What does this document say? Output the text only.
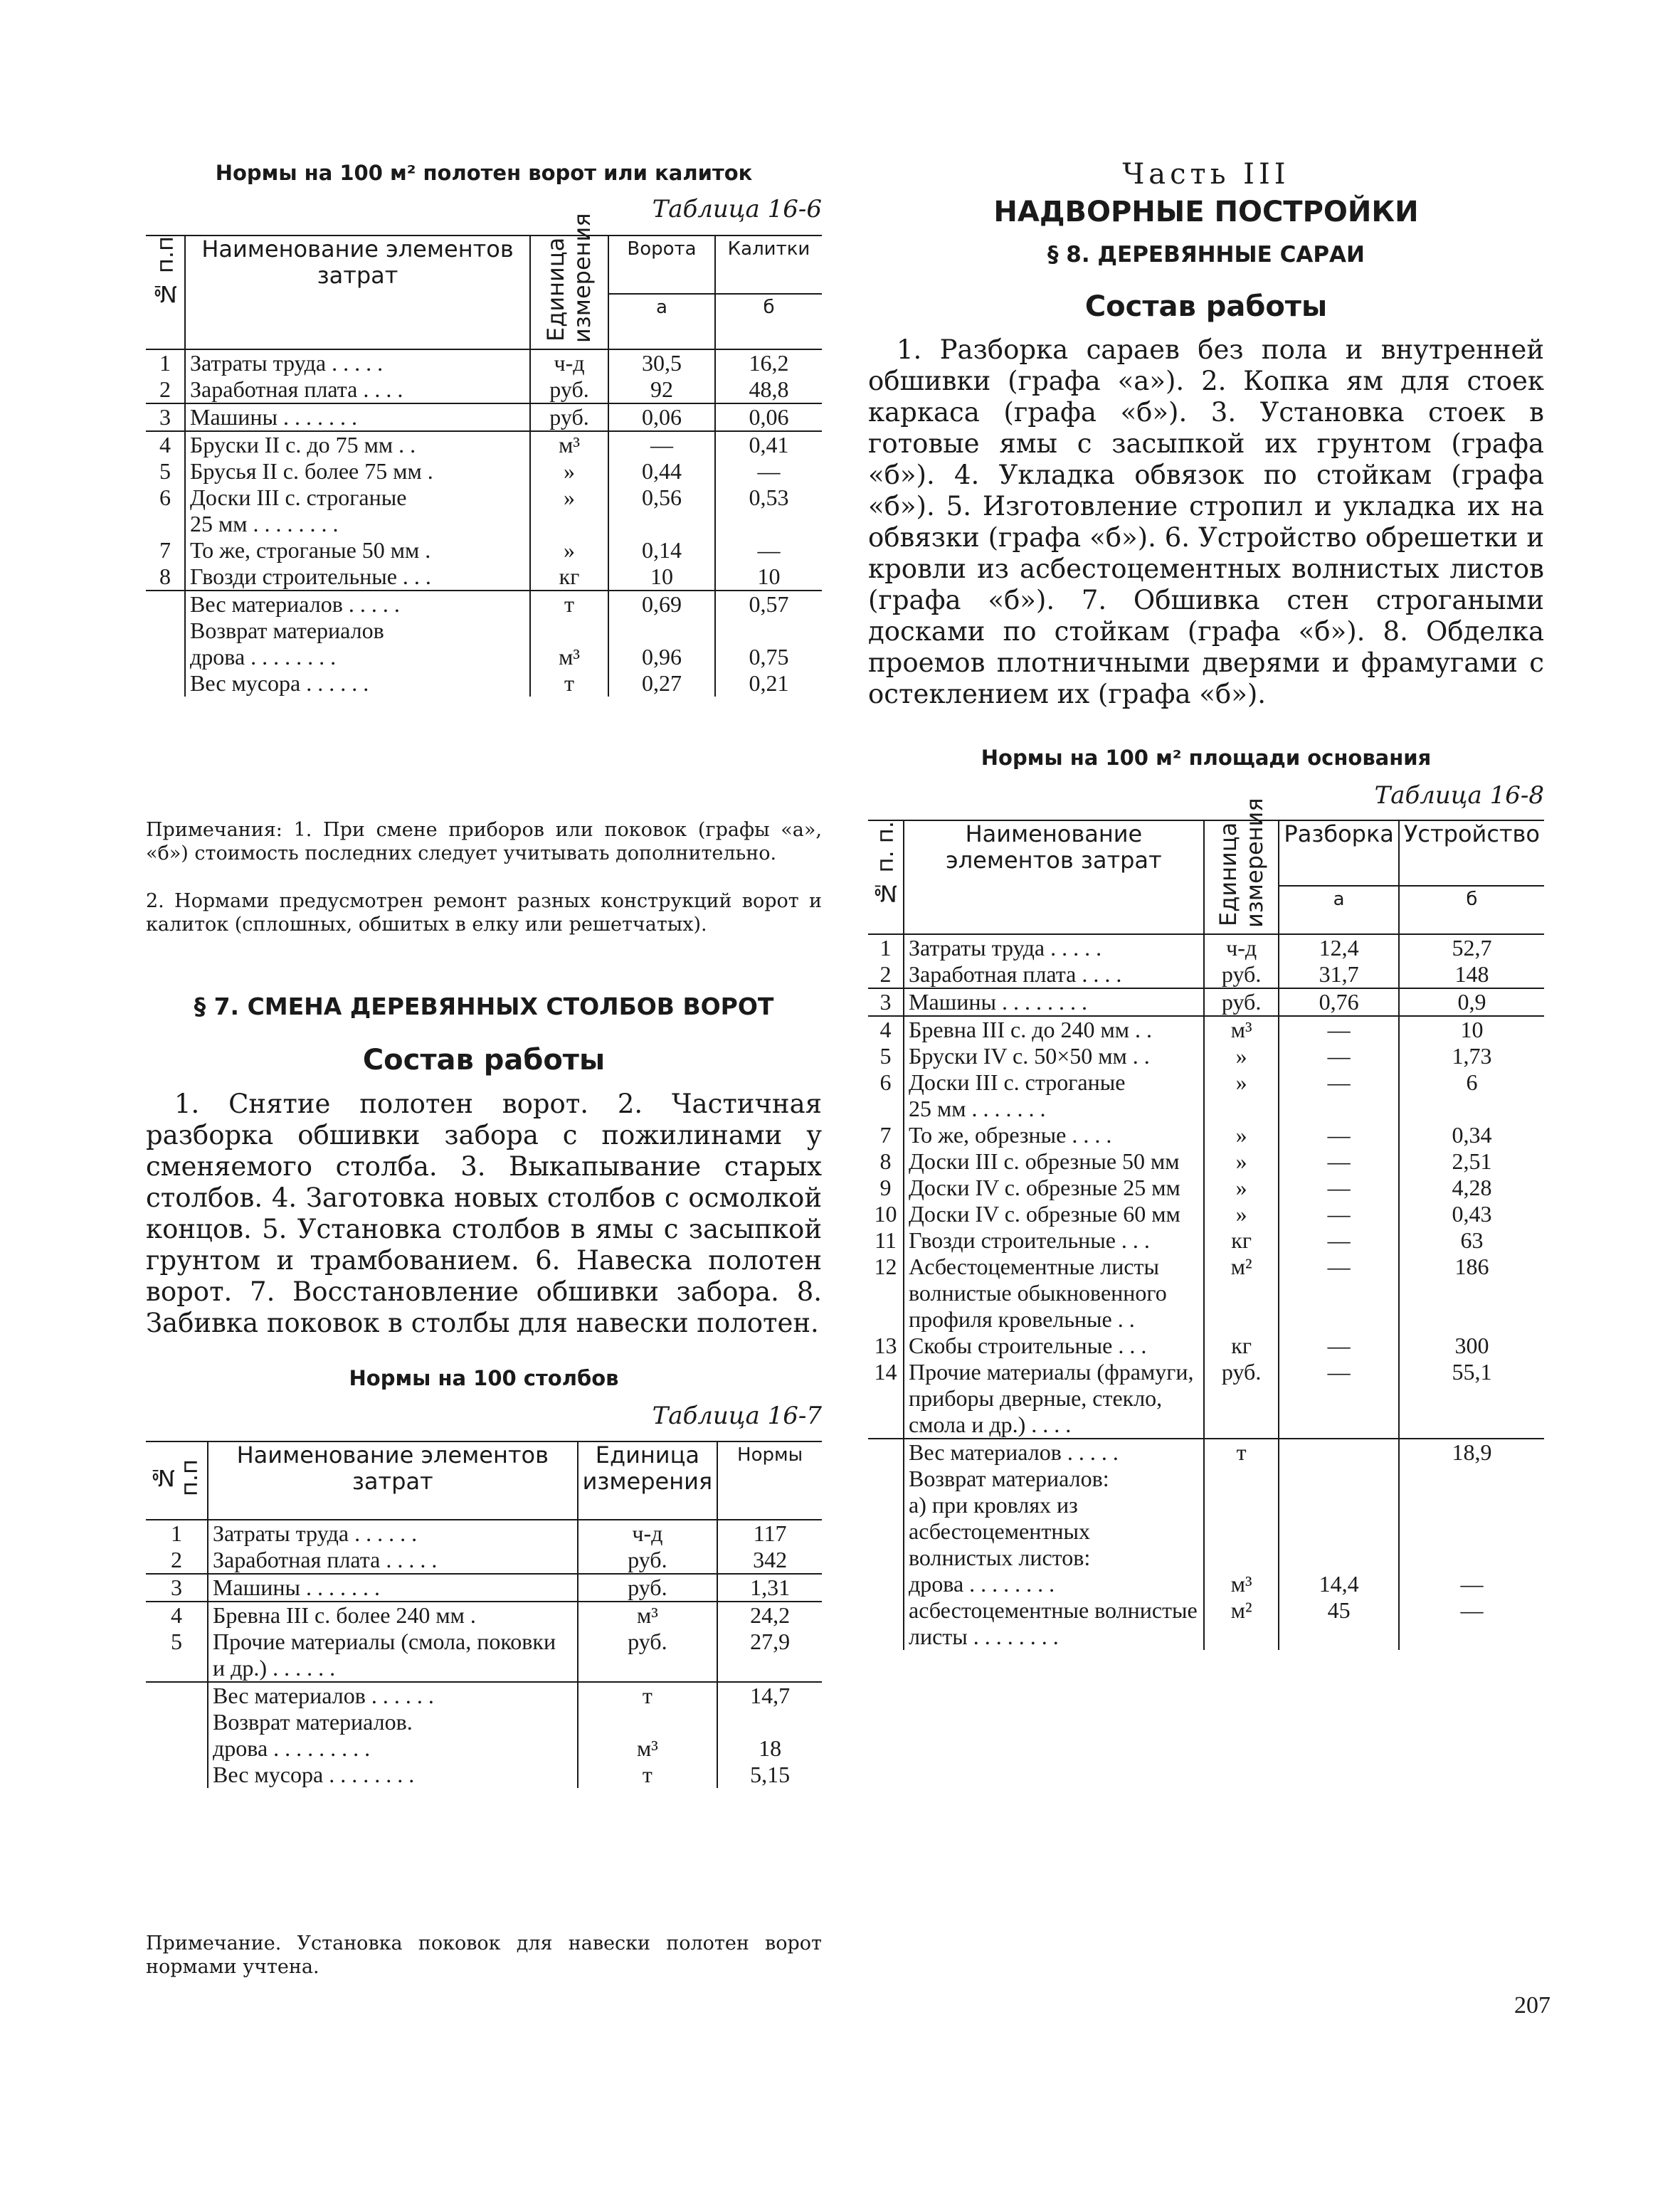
Нормы на 100 м² полотен ворот или калиток
Таблица 16-6
№ п.п	Наименование элементов затрат	Единица измерения	Ворота	Калитки
			а	б
1	Затраты труда . . . . .	ч-д	30,5	16,2
2	Заработная плата . . . .	руб.	92	48,8
3	Машины . . . . . . .	руб.	0,06	0,06
4	Бруски II с. до 75 мм . .	м³	—	0,41
5	Брусья II с. более 75 мм .	»	0,44	—
6	Доски III с. строганые
25 мм . . . . . . . .	»	0,56	0,53
7	То же, строганые 50 мм .	»	0,14	—
8	Гвозди строительные . . .	кг	10	10
	Вес материалов . . . . .	т	0,69	0,57
	Возврат материалов			
	дрова . . . . . . . .	м³	0,96	0,75
	Вес мусора . . . . . .	т	0,27	0,21
Примечания: 1. При смене приборов или поковок (графы «а», «б») стоимость последних следует учитывать дополнительно.
2. Нормами предусмотрен ремонт разных конструкций ворот и калиток (сплошных, обшитых в елку или решетчатых).
§ 7. СМЕНА ДЕРЕВЯННЫХ СТОЛБОВ ВОРОТ
Состав работы
1. Снятие полотен ворот. 2. Частичная разборка обшивки забора с пожилинами у сменяемого столба. 3. Выкапывание старых столбов. 4. Заготовка новых столбов с осмолкой концов. 5. Установка столбов в ямы с засыпкой грунтом и трамбованием. 6. Навеска полотен ворот. 7. Восстановление обшивки забора. 8. Забивка поковок в столбы для навески полотен.
Нормы на 100 столбов
Таблица 16-7
№ п.п	Наименование элементов затрат	Единица измерения	Нормы
1	Затраты труда . . . . . .	ч-д	117
2	Заработная плата . . . . .	руб.	342
3	Машины . . . . . . .	руб.	1,31
4	Бревна III с. более 240 мм .	м³	24,2
5	Прочие материалы (смола, поковки и др.) . . . . . .	руб.	27,9
	Вес материалов . . . . . .	т	14,7
	Возврат материалов.		
	дрова . . . . . . . . .	м³	18
	Вес мусора . . . . . . . .	т	5,15
Примечание. Установка поковок для навески полотен ворот нормами учтена.
Часть III
НАДВОРНЫЕ ПОСТРОЙКИ
§ 8. ДЕРЕВЯННЫЕ САРАИ
Состав работы
1. Разборка сараев без пола и внутренней обшивки (графа «а»). 2. Копка ям для стоек каркаса (графа «б»). 3. Установка стоек в готовые ямы с засыпкой их грунтом (графа «б»). 4. Укладка обвязок по стойкам (графа «б»). 5. Изготовление стропил и укладка их на обвязки (графа «б»). 6. Устройство обрешетки и кровли из асбестоцементных волнистых листов (графа «б»). 7. Обшивка стен строгаными досками по стойкам (графа «б»). 8. Обделка проемов плотничными дверями и фрамугами с остеклением их (графа «б»).
Нормы на 100 м² площади основания
Таблица 16-8
№ п. п.	Наименование элементов затрат	Единица измерения	Разборка	Устройство
			а	б
1	Затраты труда . . . . .	ч-д	12,4	52,7
2	Заработная плата . . . .	руб.	31,7	148
3	Машины . . . . . . . .	руб.	0,76	0,9
4	Бревна III с. до 240 мм . .	м³	—	10
5	Бруски IV с. 50×50 мм . .	»	—	1,73
6	Доски III с. строганые
25 мм . . . . . . .	»	—	6
7	То же, обрезные . . . .	»	—	0,34
8	Доски III с. обрезные 50 мм	»	—	2,51
9	Доски IV с. обрезные 25 мм	»	—	4,28
10	Доски IV с. обрезные 60 мм	»	—	0,43
11	Гвозди строительные . . .	кг	—	63
12	Асбестоцементные листы волнистые обыкновенного профиля кровельные . .	м²	—	186
13	Скобы строительные . . .	кг	—	300
14	Прочие материалы (фрамуги, приборы дверные, стекло, смола и др.) . . . .	руб.	—	55,1
	Вес материалов . . . . .	т		18,9
	Возврат материалов:			
	а) при кровлях из асбестоцементных волнистых листов:			
	дрова . . . . . . . .	м³	14,4	—
	асбестоцементные волнистые листы . . . . . . . .	м²	45	—
207
